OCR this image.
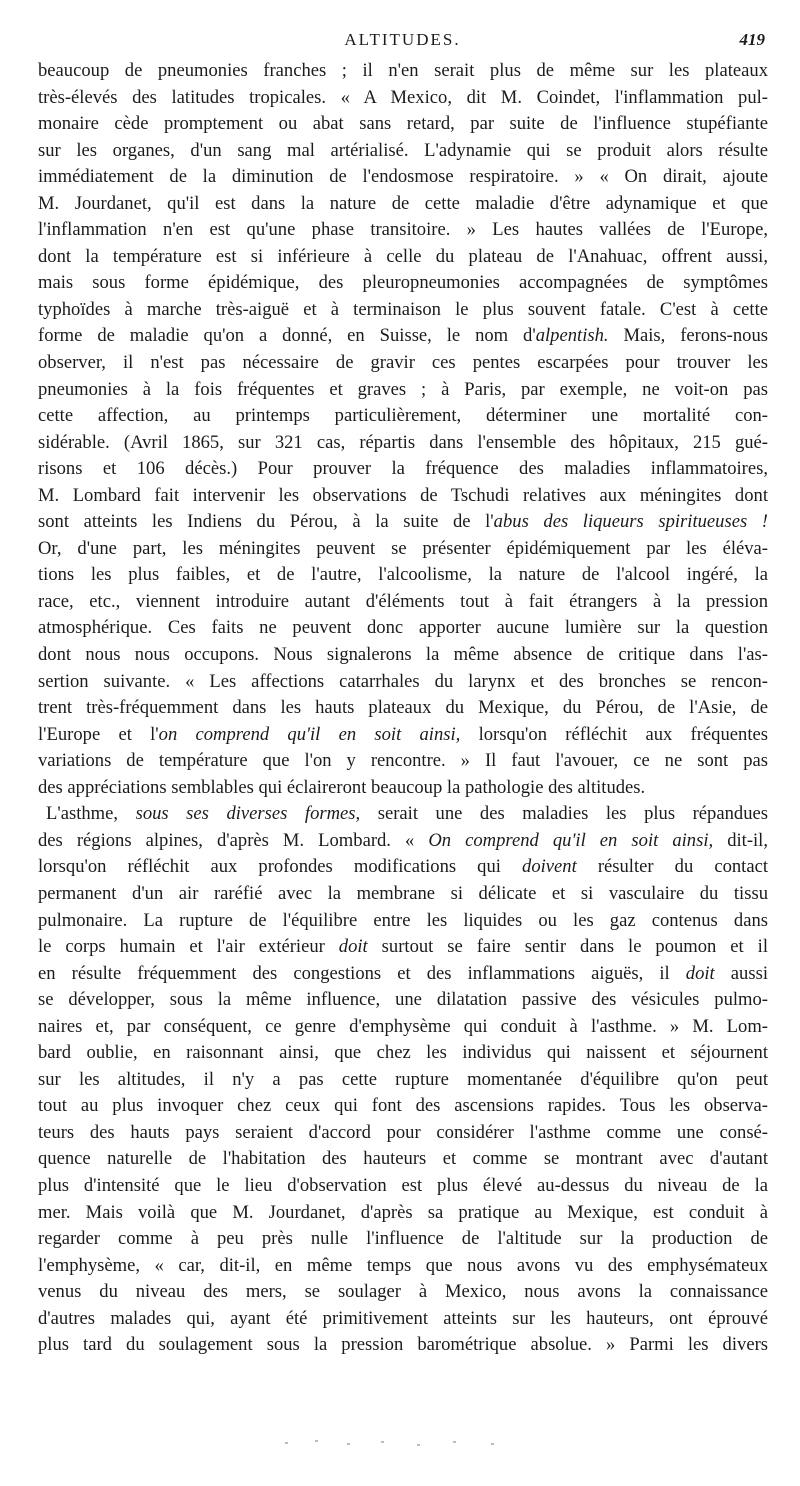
ALTITUDES.	419
beaucoup de pneumonies franches ; il n'en serait plus de même sur les plateaux
très-élevés des latitudes tropicales. « A Mexico, dit M. Coindet, l'inflammation pul-
monaire cède promptement ou abat sans retard, par suite de l'influence stupéfiante
sur les organes, d'un sang mal artérialisé. L'adynamie qui se produit alors résulte
immédiatement de la diminution de l'endosmose respiratoire. » « On dirait, ajoute
M. Jourdanet, qu'il est dans la nature de cette maladie d'être adynamique et que
l'inflammation n'en est qu'une phase transitoire. » Les hautes vallées de l'Europe,
dont la température est si inférieure à celle du plateau de l'Anahuac, offrent aussi,
mais sous forme épidémique, des pleuropneumonies accompagnées de symptômes
typhoïdes à marche très-aiguë et à terminaison le plus souvent fatale. C'est à cette
forme de maladie qu'on a donné, en Suisse, le nom d'alpentish. Mais, ferons-nous
observer, il n'est pas nécessaire de gravir ces pentes escarpées pour trouver les
pneumonies à la fois fréquentes et graves ; à Paris, par exemple, ne voit-on pas
cette affection, au printemps particulièrement, déterminer une mortalité con-
sidérable. (Avril 1865, sur 321 cas, répartis dans l'ensemble des hôpitaux, 215 gué-
risons et 106 décès.) Pour prouver la fréquence des maladies inflammatoires,
M. Lombard fait intervenir les observations de Tschudi relatives aux méningites dont
sont atteints les Indiens du Pérou, à la suite de l'abus des liqueurs spiritueuses !
Or, d'une part, les méningites peuvent se présenter épidémiquement par les éléva-
tions les plus faibles, et de l'autre, l'alcoolisme, la nature de l'alcool ingéré, la
race, etc., viennent introduire autant d'éléments tout à fait étrangers à la pression
atmosphérique. Ces faits ne peuvent donc apporter aucune lumière sur la question
dont nous nous occupons. Nous signalerons la même absence de critique dans l'as-
sertion suivante. « Les affections catarrhales du larynx et des bronches se rencon-
trent très-fréquemment dans les hauts plateaux du Mexique, du Pérou, de l'Asie, de
l'Europe et l'on comprend qu'il en soit ainsi, lorsqu'on réfléchit aux fréquentes
variations de température que l'on y rencontre. » Il faut l'avouer, ce ne sont pas
des appréciations semblables qui éclaireront beaucoup la pathologie des altitudes.
L'asthme, sous ses diverses formes, serait une des maladies les plus répandues
des régions alpines, d'après M. Lombard. « On comprend qu'il en soit ainsi, dit-il,
lorsqu'on réfléchit aux profondes modifications qui doivent résulter du contact
permanent d'un air raréfié avec la membrane si délicate et si vasculaire du tissu
pulmonaire. La rupture de l'équilibre entre les liquides ou les gaz contenus dans
le corps humain et l'air extérieur doit surtout se faire sentir dans le poumon et il
en résulte fréquemment des congestions et des inflammations aiguës, il doit aussi
se développer, sous la même influence, une dilatation passive des vésicules pulmo-
naires et, par conséquent, ce genre d'emphysème qui conduit à l'asthme. » M. Lom-
bard oublie, en raisonnant ainsi, que chez les individus qui naissent et séjournent
sur les altitudes, il n'y a pas cette rupture momentanée d'équilibre qu'on peut
tout au plus invoquer chez ceux qui font des ascensions rapides. Tous les observa-
teurs des hauts pays seraient d'accord pour considérer l'asthme comme une consé-
quence naturelle de l'habitation des hauteurs et comme se montrant avec d'autant
plus d'intensité que le lieu d'observation est plus élevé au-dessus du niveau de la
mer. Mais voilà que M. Jourdanet, d'après sa pratique au Mexique, est conduit à
regarder comme à peu près nulle l'influence de l'altitude sur la production de
l'emphysème, « car, dit-il, en même temps que nous avons vu des emphysémateux
venus du niveau des mers, se soulager à Mexico, nous avons la connaissance
d'autres malades qui, ayant été primitivement atteints sur les hauteurs, ont éprouvé
plus tard du soulagement sous la pression barométrique absolue. » Parmi les divers
